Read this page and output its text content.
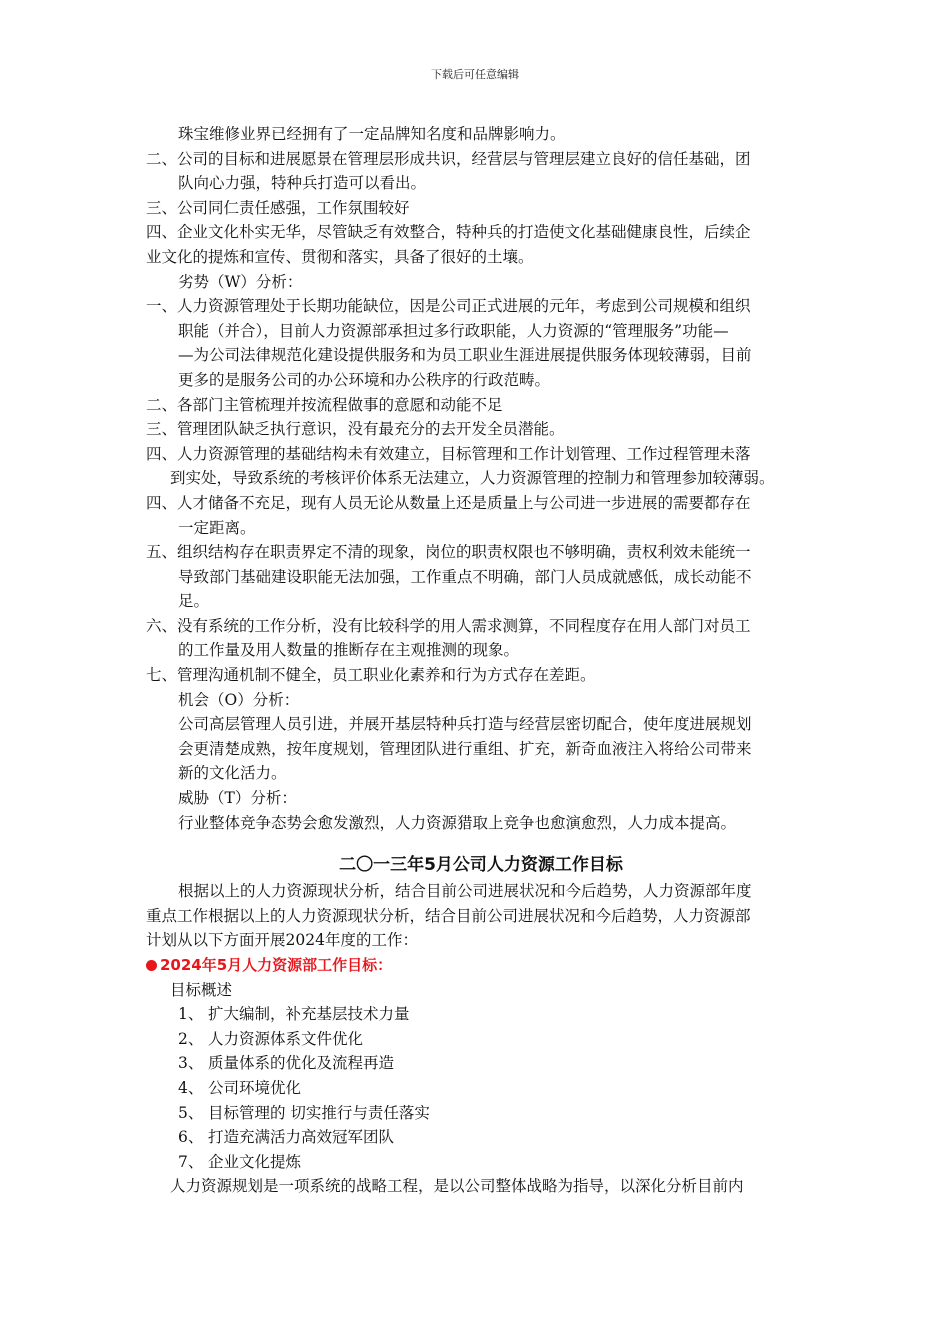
下载后可任意编辑
珠宝维修业界已经拥有了一定品牌知名度和品牌影响力。
二、公司的目标和进展愿景在管理层形成共识，经营层与管理层建立良好的信任基础，团
队向心力强，特种兵打造可以看出。
三、公司同仁责任感强，工作氛围较好
四、企业文化朴实无华，尽管缺乏有效整合，特种兵的打造使文化基础健康良性，后续企
业文化的提炼和宣传、贯彻和落实，具备了很好的土壤。
劣势（W）分析：
一、人力资源管理处于长期功能缺位，因是公司正式进展的元年，考虑到公司规模和组织
职能（并合），目前人力资源部承担过多行政职能，人力资源的“管理服务”功能—
—为公司法律规范化建设提供服务和为员工职业生涯进展提供服务体现较薄弱，目前
更多的是服务公司的办公环境和办公秩序的行政范畴。
二、各部门主管梳理并按流程做事的意愿和动能不足
三、管理团队缺乏执行意识，没有最充分的去开发全员潜能。
四、人力资源管理的基础结构未有效建立，目标管理和工作计划管理、工作过程管理未落
到实处，导致系统的考核评价体系无法建立，人力资源管理的控制力和管理参加较薄弱。
四、人才储备不充足，现有人员无论从数量上还是质量上与公司进一步进展的需要都存在
一定距离。
五、组织结构存在职责界定不清的现象，岗位的职责权限也不够明确，责权利效未能统一
导致部门基础建设职能无法加强，工作重点不明确，部门人员成就感低，成长动能不
足。
六、没有系统的工作分析，没有比较科学的用人需求测算，不同程度存在用人部门对员工
的工作量及用人数量的推断存在主观推测的现象。
七、管理沟通机制不健全，员工职业化素养和行为方式存在差距。
机会（O）分析：
公司高层管理人员引进，并展开基层特种兵打造与经营层密切配合，使年度进展规划
会更清楚成熟，按年度规划，管理团队进行重组、扩充，新奇血液注入将给公司带来
新的文化活力。
威胁（T）分析：
行业整体竞争态势会愈发激烈，人力资源猎取上竞争也愈演愈烈，人力成本提高。
二〇一三年5月公司人力资源工作目标
根据以上的人力资源现状分析，结合目前公司进展状况和今后趋势，人力资源部年度
重点工作根据以上的人力资源现状分析，结合目前公司进展状况和今后趋势，人力资源部
计划从以下方面开展2024年度的工作：
2024年5月人力资源部工作目标：
目标概述
1、 扩大编制，补充基层技术力量
2、 人力资源体系文件优化
3、 质量体系的优化及流程再造
4、 公司环境优化
5、 目标管理的 切实推行与责任落实
6、 打造充满活力高效冠军团队
7、 企业文化提炼
人力资源规划是一项系统的战略工程，是以公司整体战略为指导，以深化分析目前内
